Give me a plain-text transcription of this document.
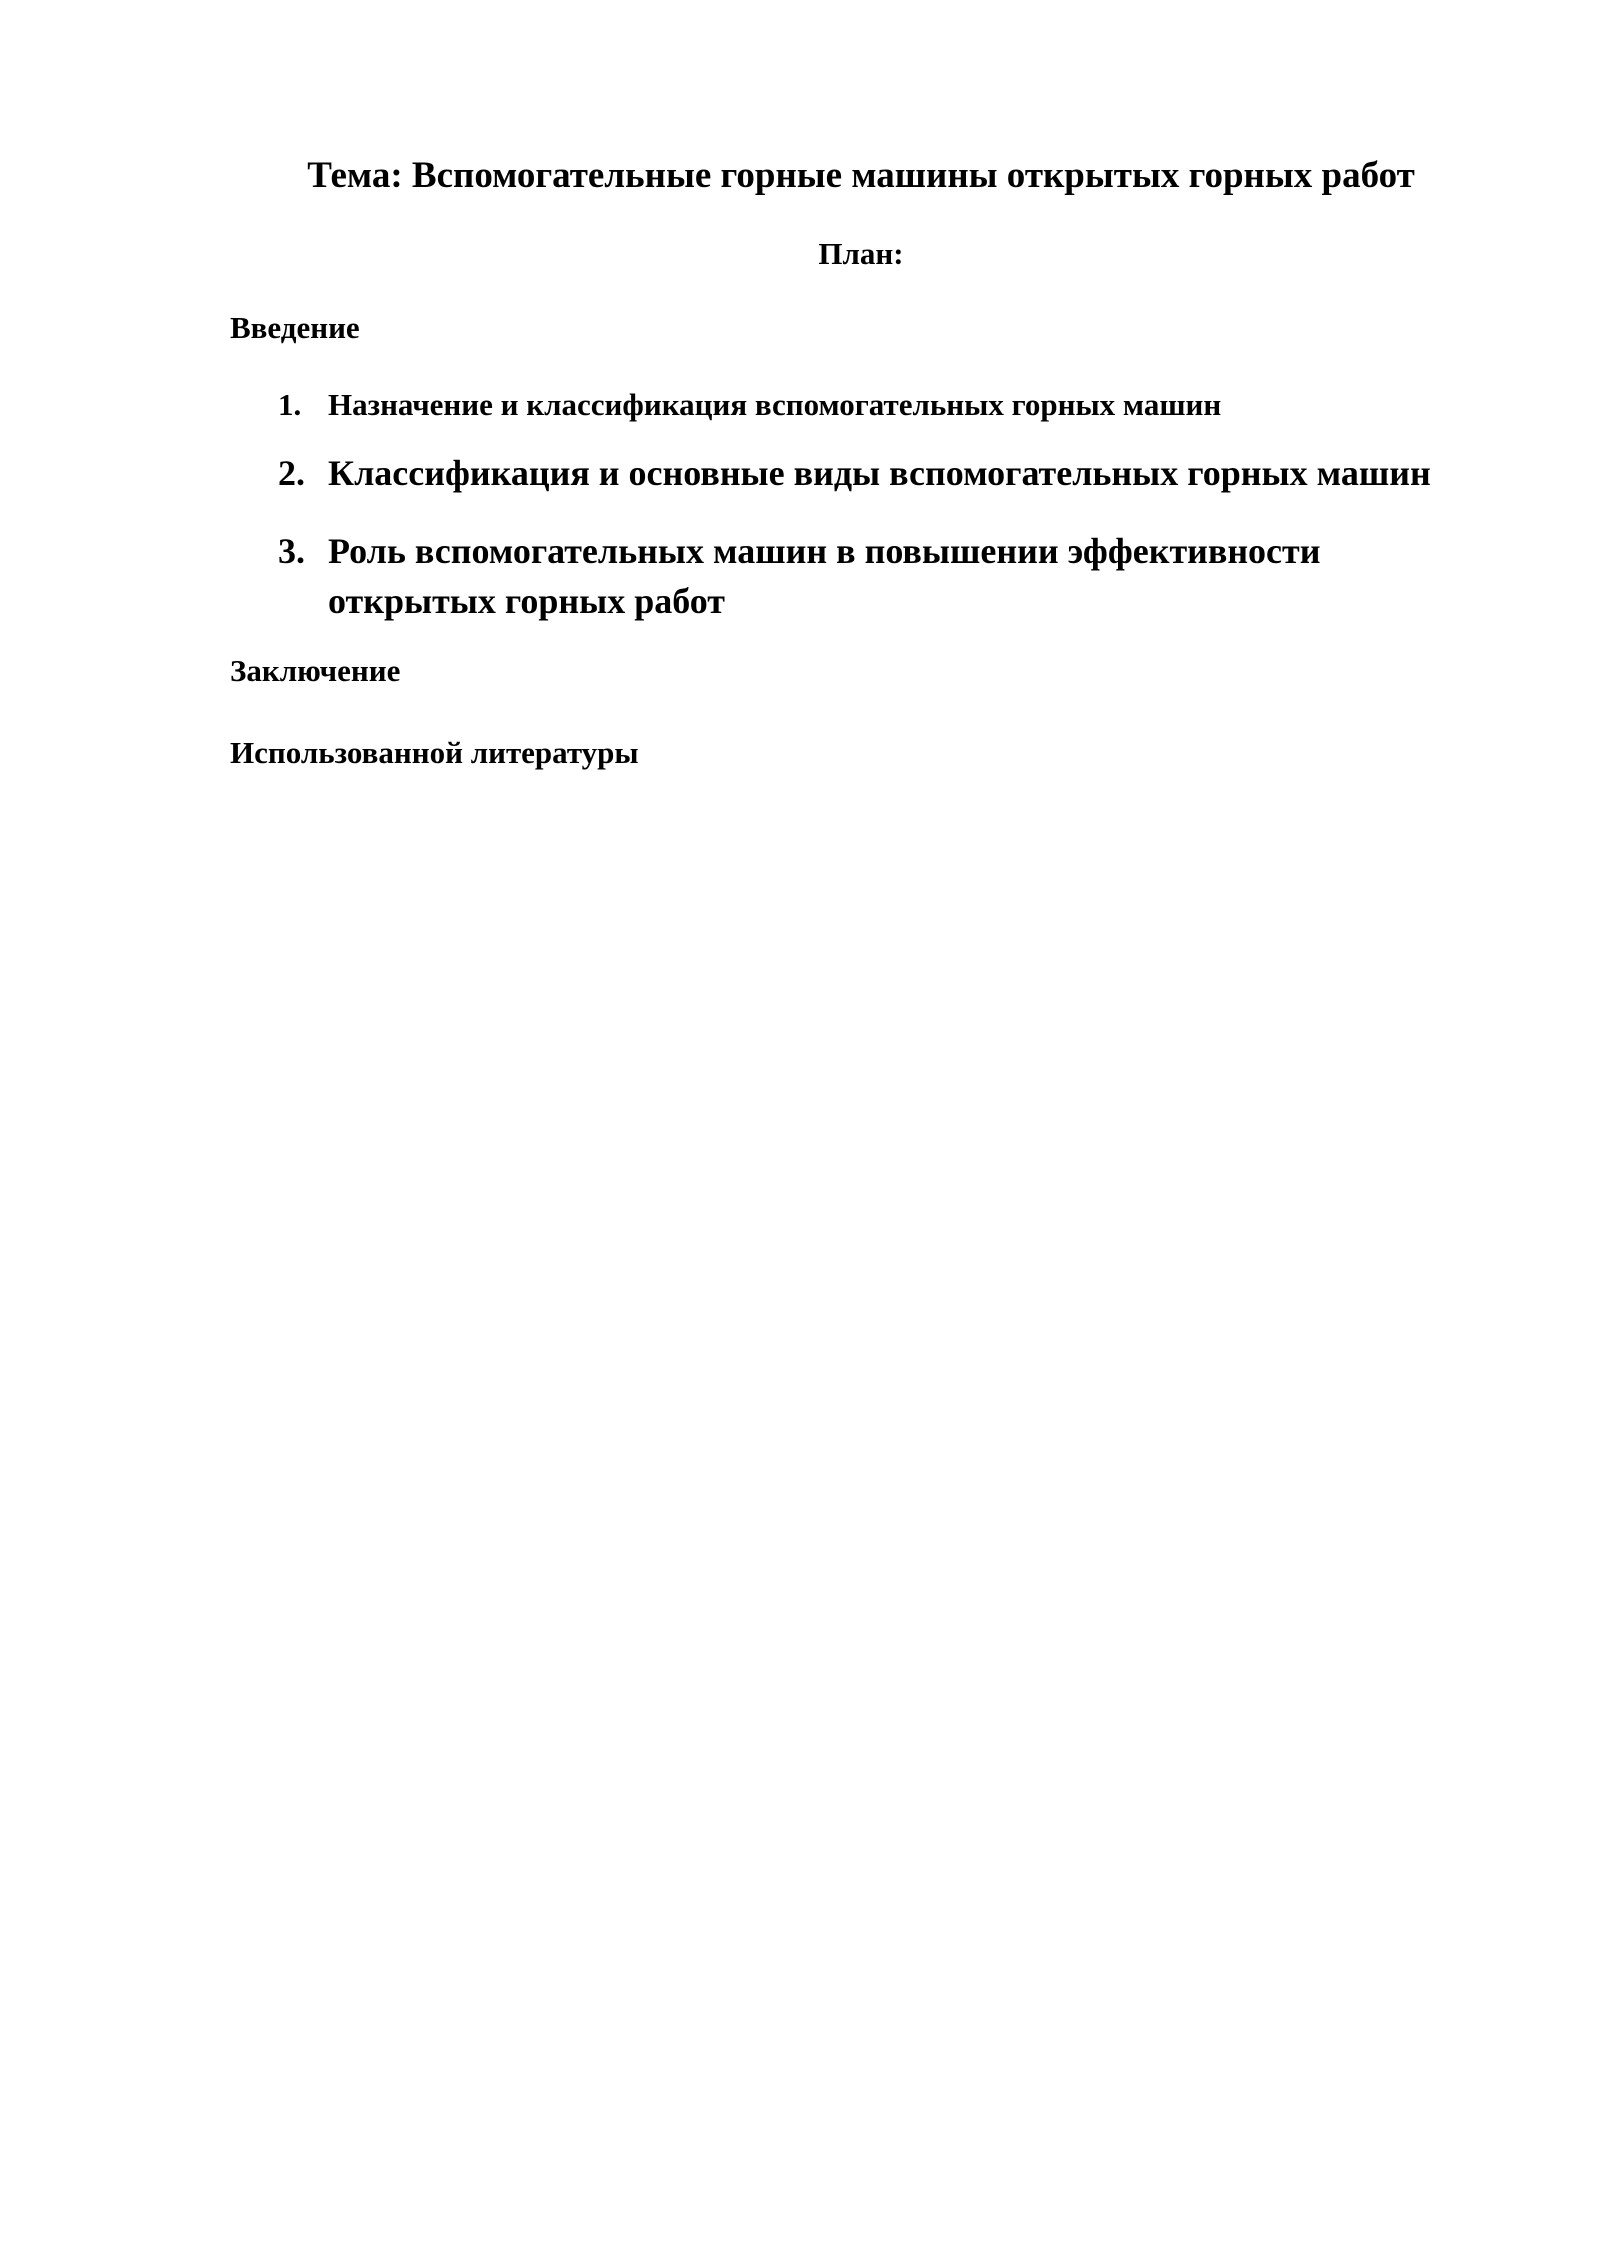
Тема: Вспомогательные горные машины открытых горных работ
План:
Введение
1. Назначение и классификация вспомогательных горных машин
2. Классификация и основные виды вспомогательных горных машин
3. Роль вспомогательных машин в повышении эффективности открытых горных работ
Заключение
Использованной литературы
